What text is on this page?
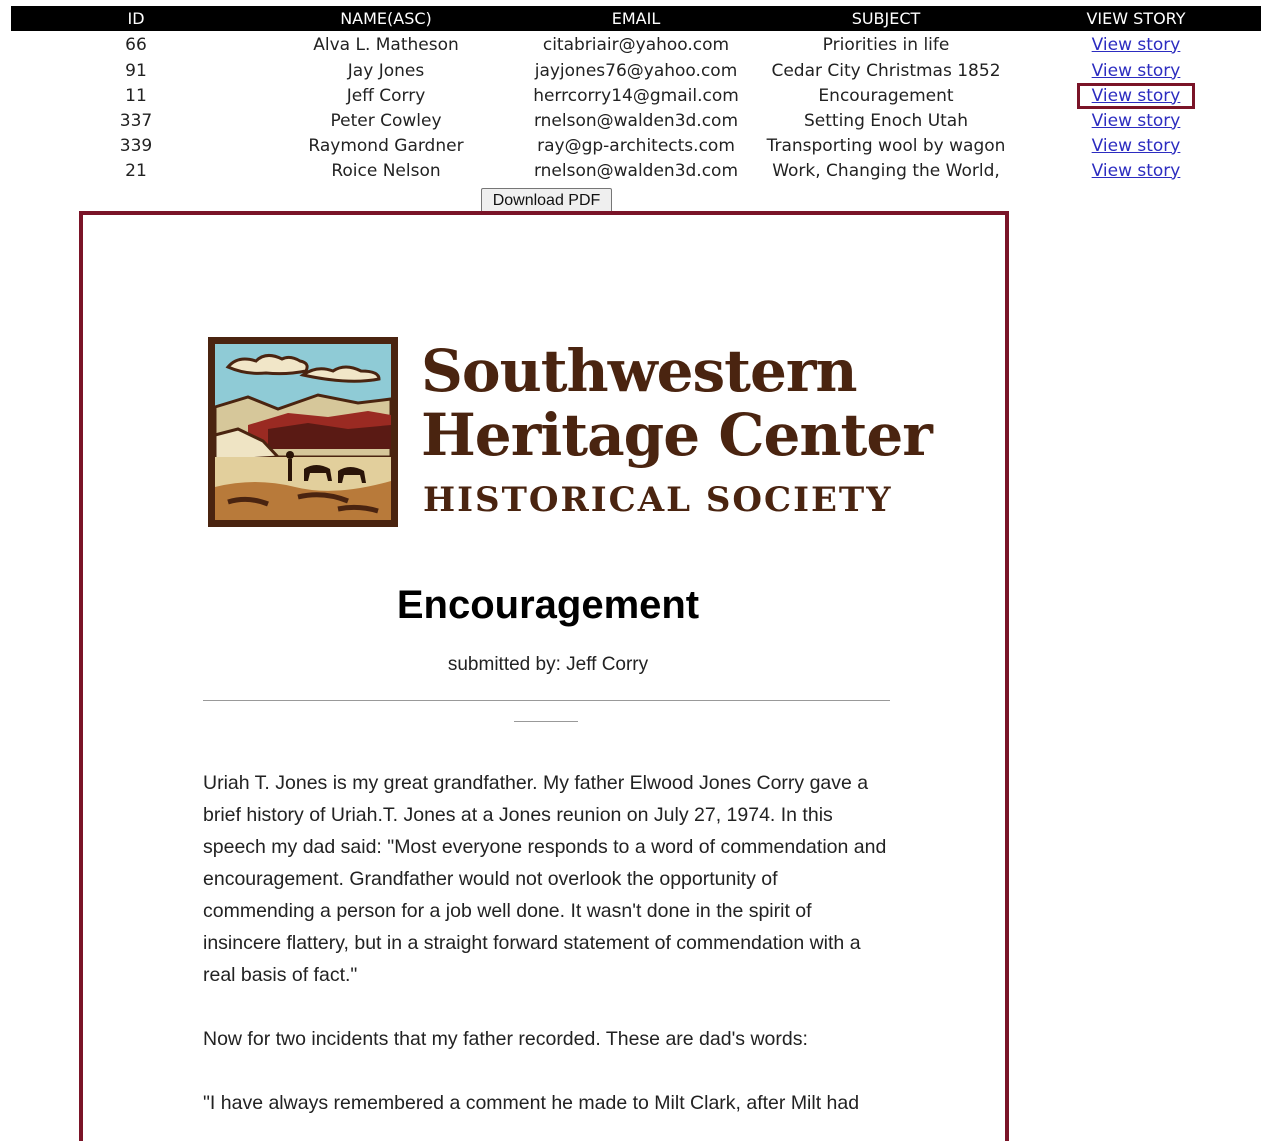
ID	NAME(ASC)	EMAIL	SUBJECT	VIEW STORY
66	Alva L. Matheson	citabriair@yahoo.com	Priorities in life	View story
91	Jay Jones	jayjones76@yahoo.com	Cedar City Christmas 1852	View story
11	Jeff Corry	herrcorry14@gmail.com	Encouragement	View story
337	Peter Cowley	rnelson@walden3d.com	Setting Enoch Utah	View story
339	Raymond Gardner	ray@gp-architects.com	Transporting wool by wagon	View story
21	Roice Nelson	rnelson@walden3d.com	Work, Changing the World,	View story
Download PDF
Southwestern
Heritage Center
HISTORICAL SOCIETY
Encouragement
submitted by: Jeff Corry

Uriah T. Jones is my great grandfather. My father Elwood Jones Corry gave a brief history of Uriah.T. Jones at a Jones reunion on July 27, 1974. In this speech my dad said: "Most everyone responds to a word of commendation and encouragement. Grandfather would not overlook the opportunity of commending a person for a job well done. It wasn't done in the spirit of insincere flattery, but in a straight forward statement of commendation with a real basis of fact."

Now for two incidents that my father recorded. These are dad's words:

"I have always remembered a comment he made to Milt Clark, after Milt had
